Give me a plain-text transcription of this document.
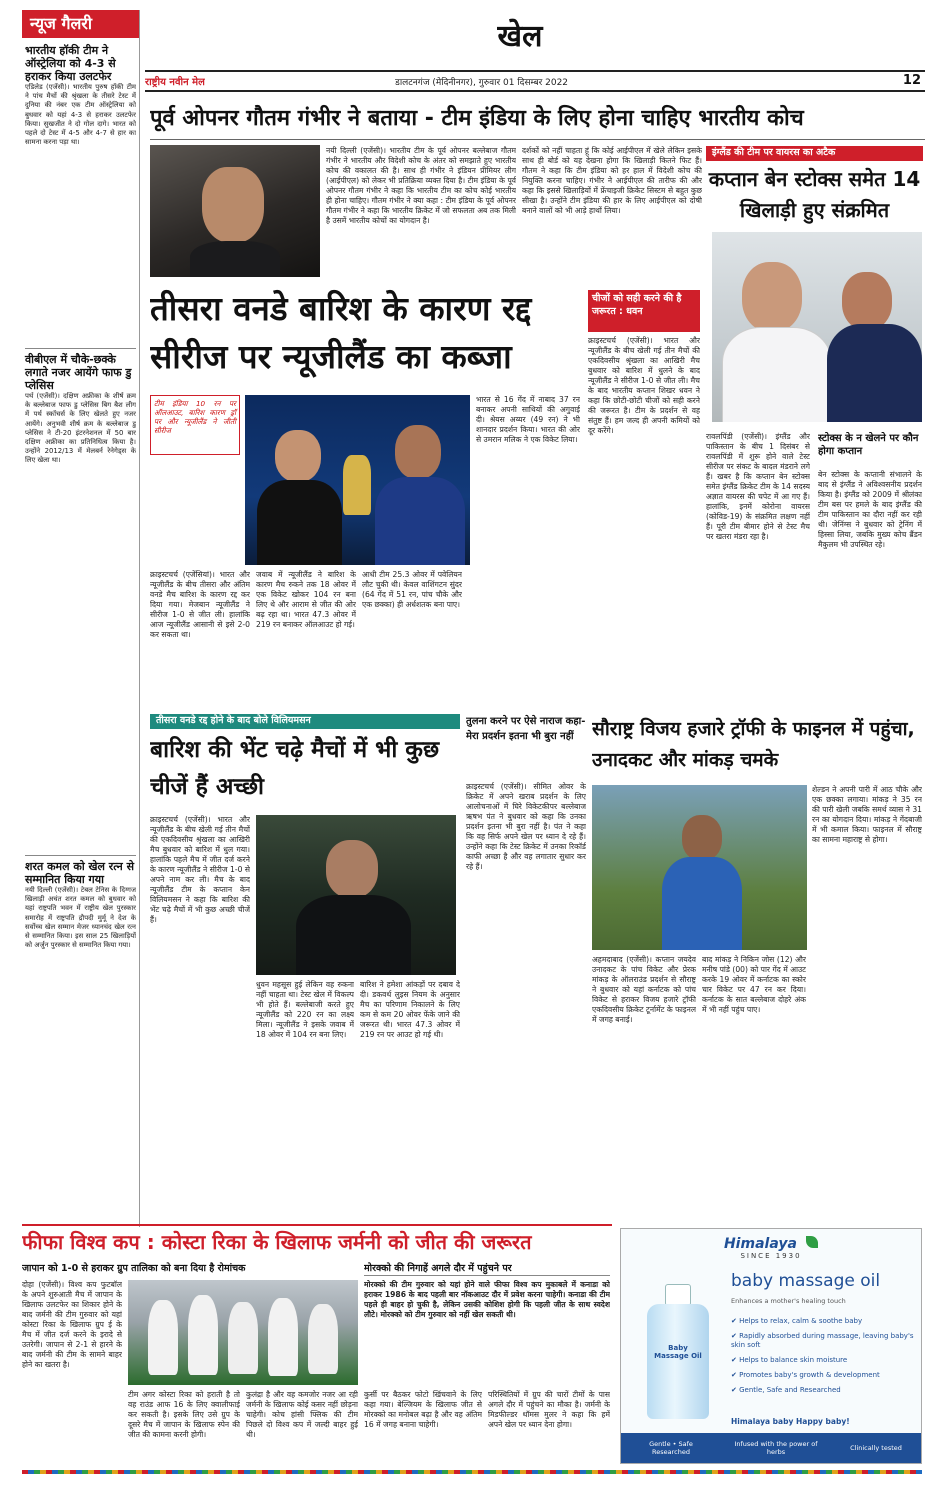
खेल
राष्ट्रीय नवीन मेल	डालटनगंज (मेदिनीनगर), गुरुवार 01 दिसम्बर 2022	12
न्यूज गैलरी
भारतीय हॉकी टीम ने ऑस्ट्रेलिया को 4-3 से हराकर किया उलटफेर
एडिलेड (एजेंसी)। भारतीय पुरुष हॉकी टीम ने पांच मैचों की श्रृंखला के तीसरे टेस्ट में दुनिया की नंबर एक टीम ऑस्ट्रेलिया को बुधवार को यहां 4-3 से हराकर उलटफेर किया। सुखजीत ने दो गोल दागे। भारत को पहले दो टेस्ट में 4-5 और 4-7 से हार का सामना करना पड़ा था।
वीबीएल में चौके-छक्के लगाते नजर आयेंगे फाफ डु प्लेसिस
पर्थ (एजेंसी)। दक्षिण अफ्रीका के शीर्ष क्रम के बल्लेबाज फाफ डु प्लेसिस बिग बैश लीग में पर्थ स्कॉचर्स के लिए खेलते हुए नजर आयेंगे। अनुभवी शीर्ष क्रम के बल्लेबाज डु प्लेसिस ने टी-20 इंटरनेशनल में 50 बार दक्षिण अफ्रीका का प्रतिनिधित्व किया है। उन्होंने 2012/13 में मेलबर्न रेनेगेड्स के लिए खेला था।
शरत कमल को खेल रत्न से सम्मानित किया गया
नयी दिल्ली (एजेंसी)। टेबल टेनिस के दिग्गज खिलाड़ी अचंत शरत कमल को बुधवार को यहां राष्ट्रपति भवन में राष्ट्रीय खेल पुरस्कार समारोह में राष्ट्रपति द्रौपदी मुर्मू ने देश के सर्वोच्च खेल सम्मान मेजर ध्यानचंद खेल रत्न से सम्मानित किया। इस साल 25 खिलाड़ियों को अर्जुन पुरस्कार से सम्मानित किया गया।
पूर्व ओपनर गौतम गंभीर ने बताया - टीम इंडिया के लिए होना चाहिए भारतीय कोच
नयी दिल्ली (एजेंसी)। भारतीय टीम के पूर्व ओपनर बल्लेबाज गौतम गंभीर ने भारतीय और विदेशी कोच के अंतर को समझाते हुए भारतीय कोच की वकालत की है। साथ ही गंभीर ने इंडियन प्रीमियर लीग (आईपीएल) को लेकर भी प्रतिक्रिया व्यक्त दिया है। टीम इंडिया के पूर्व ओपनर गौतम गंभीर ने कहा कि भारतीय टीम का कोच कोई भारतीय ही होना चाहिए। गौतम गंभीर ने क्या कहा : टीम इंडिया के पूर्व ओपनर गौतम गंभीर ने कहा कि भारतीय क्रिकेट में जो सफलता अब तक मिली है उसमें भारतीय कोचों का योगदान है।
दर्शकों को नहीं चाहता हूं कि कोई आईपीएल में खेले लेकिन इसके साथ ही बोर्ड को यह देखना होगा कि खिलाड़ी कितने फिट हैं। गौतम ने कहा कि टीम इंडिया को हर हाल में विदेशी कोच की नियुक्ति करना चाहिए। गंभीर ने आईपीएल की तारीफ की और कहा कि इससे खिलाड़ियों में फ्रेंचाइजी क्रिकेट सिस्टम से बहुत कुछ सीखा है। उन्होंने टीम इंडिया की हार के लिए आईपीएल को दोषी बनाने वालों को भी आड़े हाथों लिया।
इंग्लैंड की टीम पर वायरस का अटैक
कप्तान बेन स्टोक्स समेत 14 खिलाड़ी हुए संक्रमित
रावलपिंडी (एजेंसी)। इंग्लैंड और पाकिस्तान के बीच 1 दिसंबर से रावलपिंडी में शुरू होने वाले टेस्ट सीरीज पर संकट के बादल मंडराने लगे हैं। खबर है कि कप्तान बेन स्टोक्स समेत इंग्लैंड क्रिकेट टीम के 14 सदस्य अज्ञात वायरस की चपेट में आ गए हैं। हालांकि, इनमें कोरोना वायरस (कोविड-19) के संक्रमित लक्षण नहीं हैं। पूरी टीम बीमार होने से टेस्ट मैच पर खतरा मंडरा रहा है।
स्टोक्स के न खेलने पर कौन होगा कप्तान
बेन स्टोक्स के कप्तानी संभालने के बाद से इंग्लैंड ने अविश्वसनीय प्रदर्शन किया है। इंग्लैंड को 2009 में श्रीलंका टीम बस पर हमले के बाद इंग्लैंड की टीम पाकिस्तान का दौरा नहीं कर रही थी। जेनिंग्स ने बुधवार को ट्रेनिंग में हिस्सा लिया, जबकि मुख्य कोच ब्रैंडन मैकुलम भी उपस्थित रहे।
तीसरा वनडे बारिश के कारण रद्द
सीरीज पर न्यूजीलैंड का कब्जा
टीम इंडिया 10 रन पर ऑलआउट, बारिश कारण ड्रॉ पर और न्यूजीलैंड ने जीती सीरीज
क्राइस्टचर्च (एजेंसियां)। भारत और न्यूजीलैंड के बीच तीसरा और अंतिम वनडे मैच बारिश के कारण रद्द कर दिया गया। मेजबान न्यूजीलैंड ने सीरीज 1-0 से जीत ली। हालांकि आज न्यूजीलैंड आसानी से इसे 2-0 कर सकता था।
जवाब में न्यूजीलैंड ने बारिश के कारण मैच रुकने तक 18 ओवर में एक विकेट खोकर 104 रन बना लिए थे और आराम से जीत की ओर बढ़ रहा था। भारत 47.3 ओवर में 219 रन बनाकर ऑलआउट हो गई।
आधी टीम 25.3 ओवर में पवेलियन लौट चुकी थी। केवल वाशिंगटन सुंदर (64 गेंद में 51 रन, पांच चौके और एक छक्का) ही अर्धशतक बना पाए।
भारत से 16 गेंद में नाबाद 37 रन बनाकर अपनी साथियों की अगुवाई दी। श्रेयस अय्यर (49 रन) ने भी शानदार प्रदर्शन किया। भारत की ओर से उमरान मलिक ने एक विकेट लिया।
चीजों को सही करने की है जरूरत : धवन
क्राइस्टचर्च (एजेंसी)। भारत और न्यूजीलैंड के बीच खेली गई तीन मैचों की एकदिवसीय श्रृंखला का आखिरी मैच बुधवार को बारिश में धुलने के बाद न्यूजीलैंड ने सीरीज 1-0 से जीत ली। मैच के बाद भारतीय कप्तान शिखर धवन ने कहा कि छोटी-छोटी चीजों को सही करने की जरूरत है। टीम के प्रदर्शन से वह संतुष्ट हैं। हम जल्द ही अपनी कमियों को दूर करेंगे।
तीसरा वनडे रद्द होने के बाद बोले विलियमसन
बारिश की भेंट चढ़े मैचों में भी कुछ चीजें हैं अच्छी
क्राइस्टचर्च (एजेंसी)। भारत और न्यूजीलैंड के बीच खेली गई तीन मैचों की एकदिवसीय श्रृंखला का आखिरी मैच बुधवार को बारिश में धुल गया। हालांकि पहले मैच में जीत दर्ज करने के कारण न्यूजीलैंड ने सीरीज 1-0 से अपने नाम कर ली। मैच के बाद न्यूजीलैंड टीम के कप्तान केन विलियमसन ने कहा कि बारिश की भेंट चढ़े मैचों में भी कुछ अच्छी चीजें हैं।
धुवन महसूस हुई लेकिन वह रुकना नहीं चाहता था। टेस्ट खेल में विकल्प भी होते हैं। बल्लेबाजी करते हुए न्यूजीलैंड को 220 रन का लक्ष्य मिला। न्यूजीलैंड ने इसके जवाब में 18 ओवर में 104 रन बना लिए।
बारिश ने हमेशा आंकड़ों पर दबाव दे दी। डकवर्थ लुइस नियम के अनुसार मैच का परिणाम निकालने के लिए कम से कम 20 ओवर फेंके जाने की जरूरत थी। भारत 47.3 ओवर में 219 रन पर आउट हो गई थी।
तुलना करने पर ऐसे नाराज कहा- मेरा प्रदर्शन इतना भी बुरा नहीं
क्राइस्टचर्च (एजेंसी)। सीमित ओवर के क्रिकेट में अपने खराब प्रदर्शन के लिए आलोचनाओं में घिरे विकेटकीपर बल्लेबाज ऋषभ पंत ने बुधवार को कहा कि उनका प्रदर्शन इतना भी बुरा नहीं है। पंत ने कहा कि वह सिर्फ अपने खेल पर ध्यान दे रहे हैं। उन्होंने कहा कि टेस्ट क्रिकेट में उनका रिकॉर्ड काफी अच्छा है और वह लगातार सुधार कर रहे हैं।
सौराष्ट्र विजय हजारे ट्रॉफी के फाइनल में पहुंचा, उनादकट और मांकड़ चमके
शेल्डन ने अपनी पारी में आठ चौके और एक छक्का लगाया। मांकड़ ने 35 रन की पारी खेली जबकि समर्थ व्यास ने 31 रन का योगदान दिया। मांकड़ ने गेंदबाजी में भी कमाल किया। फाइनल में सौराष्ट्र का सामना महाराष्ट्र से होगा।
अहमदाबाद (एजेंसी)। कप्तान जयदेव उनादकट के पांच विकेट और प्रेरक मांकड़ के ऑलराउंड प्रदर्शन से सौराष्ट्र ने बुधवार को यहां कर्नाटक को पांच विकेट से हराकर विजय हजारे ट्रॉफी एकदिवसीय क्रिकेट टूर्नामेंट के फाइनल में जगह बनाई।
बाद मांकड़ ने निकिन जोस (12) और मनीष पांडे (00) को पार गेंद में आउट करके 19 ओवर में कर्नाटक का स्कोर चार विकेट पर 47 रन कर दिया। कर्नाटक के सात बल्लेबाज दोहरे अंक में भी नहीं पहुंच पाए।
फीफा विश्व कप : कोस्टा रिका के खिलाफ जर्मनी को जीत की जरूरत
जापान को 1-0 से हराकर ग्रुप तालिका को बना दिया है रोमांचक
दोहा (एजेंसी)। विश्व कप फुटबॉल के अपने शुरुआती मैच में जापान के खिलाफ उलटफेर का शिकार होने के बाद जर्मनी की टीम गुरुवार को यहां कोस्टा रिका के खिलाफ ग्रुप ई के मैच में जीत दर्ज करने के इरादे से उतरेगी। जापान से 2-1 से हारने के बाद जर्मनी की टीम के सामने बाहर होने का खतरा है।
टीम अगर कोस्टा रिका को हराती है तो वह राउंड आफ 16 के लिए क्वालीफाई कर सकती है। इसके लिए उसे ग्रुप के दूसरे मैच में जापान के खिलाफ स्पेन की जीत की कामना करनी होगी।
कुलंद्रा है और वह कमजोर नजर आ रही जर्मनी के खिलाफ कोई कसर नहीं छोड़ना चाहेगी। कोच हांसी फ्लिक की टीम पिछले दो विश्व कप में जल्दी बाहर हुई थी।
मोरक्को की निगाहें अगले दौर में पहुंचने पर
मोरक्को की टीम गुरुवार को यहां होने वाले फीफा विश्व कप मुकाबले में कनाडा को हराकर 1986 के बाद पहली बार नॉकआउट दौर में प्रवेश करना चाहेगी। कनाडा की टीम पहले ही बाहर हो चुकी है, लेकिन उसकी कोशिश होगी कि पहली जीत के साथ स्वदेश लौटे। मोरक्को को टीम गुरुवार को नहीं खेल सकती थी।
कुर्सी पर बैठकर फोटो खिंचवाने के लिए कहा गया। बेल्जियम के खिलाफ जीत से मोरक्को का मनोबल बढ़ा है और वह अंतिम 16 में जगह बनाना चाहेगी।
परिस्थितियों में ग्रुप की चारों टीमों के पास अगले दौर में पहुंचने का मौका है। जर्मनी के मिडफील्डर थॉमस मुलर ने कहा कि हमें अपने खेल पर ध्यान देना होगा।
Himalaya
SINCE 1930
baby massage oil
Enhances a mother's healing touch
Baby Massage Oil
✔ Helps to relax, calm & soothe baby
✔ Rapidly absorbed during massage, leaving baby's skin soft
✔ Helps to balance skin moisture
✔ Promotes baby's growth & development
✔ Gentle, Safe and Researched
Himalaya baby Happy baby!
Gentle • Safe Researched
Infused with the power of herbs	Clinically tested
